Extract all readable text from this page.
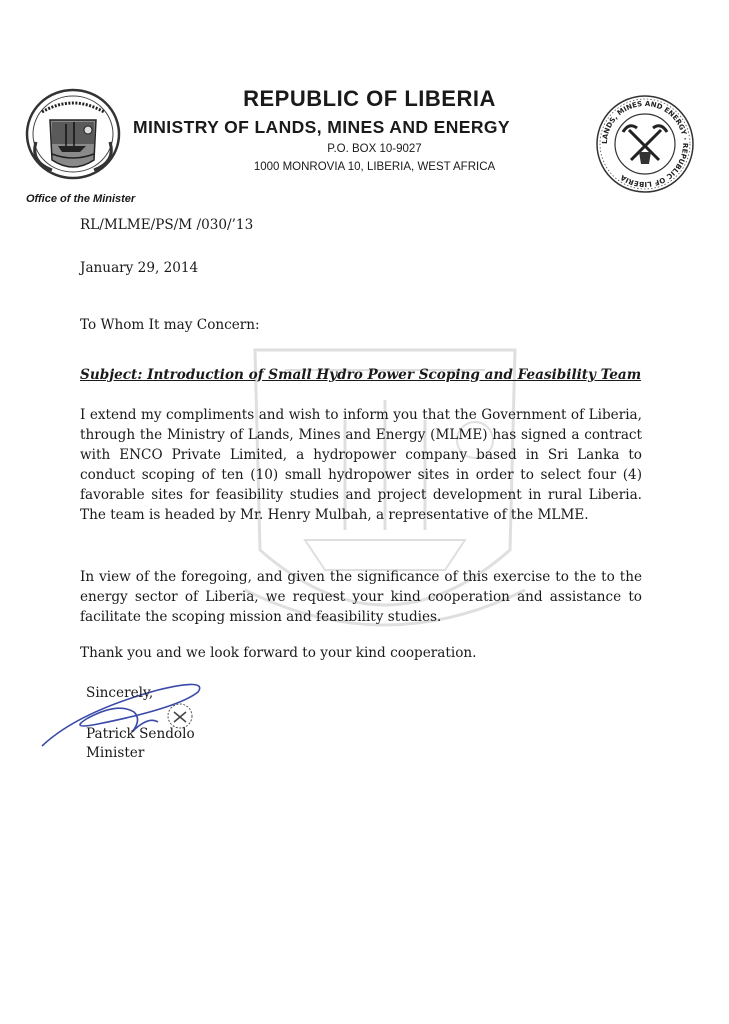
LANDS, MINES AND ENERGY · REPUBLIC OF LIBERIA
REPUBLIC OF LIBERIA
MINISTRY OF LANDS, MINES AND ENERGY
P.O. BOX 10-9027
1000 MONROVIA 10, LIBERIA, WEST AFRICA
Office of the Minister
RL/MLME/PS/M /030/’13
January 29, 2014
To Whom It may Concern:
Subject: Introduction of Small Hydro Power Scoping and Feasibility Team
I extend my compliments and wish to inform you that the Government of Liberia, through the Ministry of Lands, Mines and Energy (MLME) has signed a contract with ENCO Private Limited, a hydropower company based in Sri Lanka to conduct scoping of ten (10) small hydropower sites in order to select four (4) favorable sites for feasibility studies and project development in rural Liberia. The team is headed by Mr. Henry Mulbah, a representative of the MLME.
In view of the foregoing, and given the significance of this exercise to the to the energy sector of Liberia, we request your kind cooperation and assistance to facilitate the scoping mission and feasibility studies.
Thank you and we look forward to your kind cooperation.
Sincerely,
Patrick Sendolo
Minister
